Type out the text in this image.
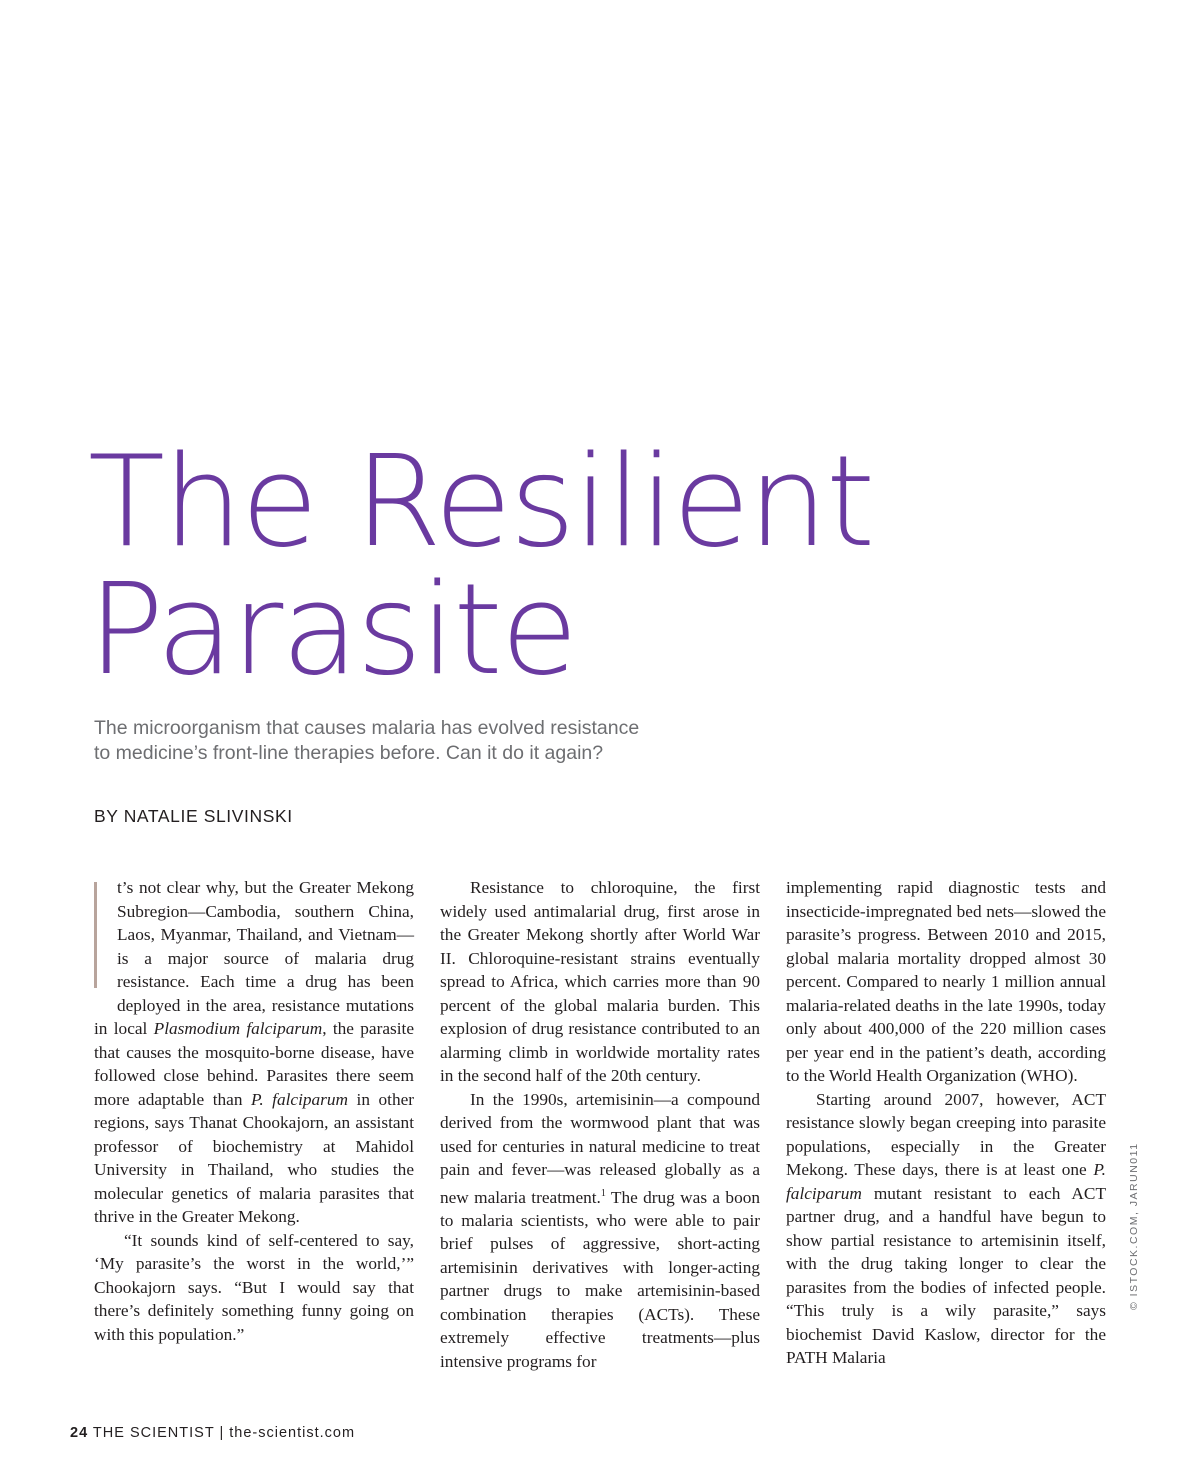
The Resilient
Parasite

The microorganism that causes malaria has evolved resistance
to medicine’s front-line therapies before. Can it do it again?

BY NATALIE SLIVINSKI

t’s not clear why, but the Greater Mekong Subregion—Cambodia, southern China, Laos, Myanmar, Thailand, and Vietnam—is a major source of malaria drug resistance. Each time a drug has been deployed in the area, resistance mutations in local Plasmodium falciparum, the parasite that causes the mosquito-borne disease, have followed close behind. Parasites there seem more adaptable than P. falciparum in other regions, says Thanat Chookajorn, an assistant professor of biochemistry at Mahidol University in Thailand, who studies the molecular genetics of malaria parasites that thrive in the Greater Mekong.

“It sounds kind of self-centered to say, ‘My parasite’s the worst in the world,’” Chookajorn says. “But I would say that there’s definitely something funny going on with this population.”

Resistance to chloroquine, the first widely used antimalarial drug, first arose in the Greater Mekong shortly after World War II. Chloroquine-resistant strains eventually spread to Africa, which carries more than 90 percent of the global malaria burden. This explosion of drug resistance contributed to an alarming climb in worldwide mortality rates in the second half of the 20th century.

In the 1990s, artemisinin—a compound derived from the wormwood plant that was used for centuries in natural medicine to treat pain and fever—was released globally as a new malaria treatment.$^1$ The drug was a boon to malaria scientists, who were able to pair brief pulses of aggressive, short-acting artemisinin derivatives with longer-acting partner drugs to make artemisinin-based combination therapies (ACTs). These extremely effective treatments—plus intensive programs for

implementing rapid diagnostic tests and insecticide-impregnated bed nets—slowed the parasite’s progress. Between 2010 and 2015, global malaria mortality dropped almost 30 percent. Compared to nearly 1 million annual malaria-related deaths in the late 1990s, today only about 400,000 of the 220 million cases per year end in the patient’s death, according to the World Health Organization (WHO).

Starting around 2007, however, ACT resistance slowly began creeping into parasite populations, especially in the Greater Mekong. These days, there is at least one P. falciparum mutant resistant to each ACT partner drug, and a handful have begun to show partial resistance to artemisinin itself, with the drug taking longer to clear the parasites from the bodies of infected people. “This truly is a wily parasite,” says biochemist David Kaslow, director for the PATH Malaria

24 THE SCIENTIST | the-scientist.com
© ISTOCK.COM, JARUN011
